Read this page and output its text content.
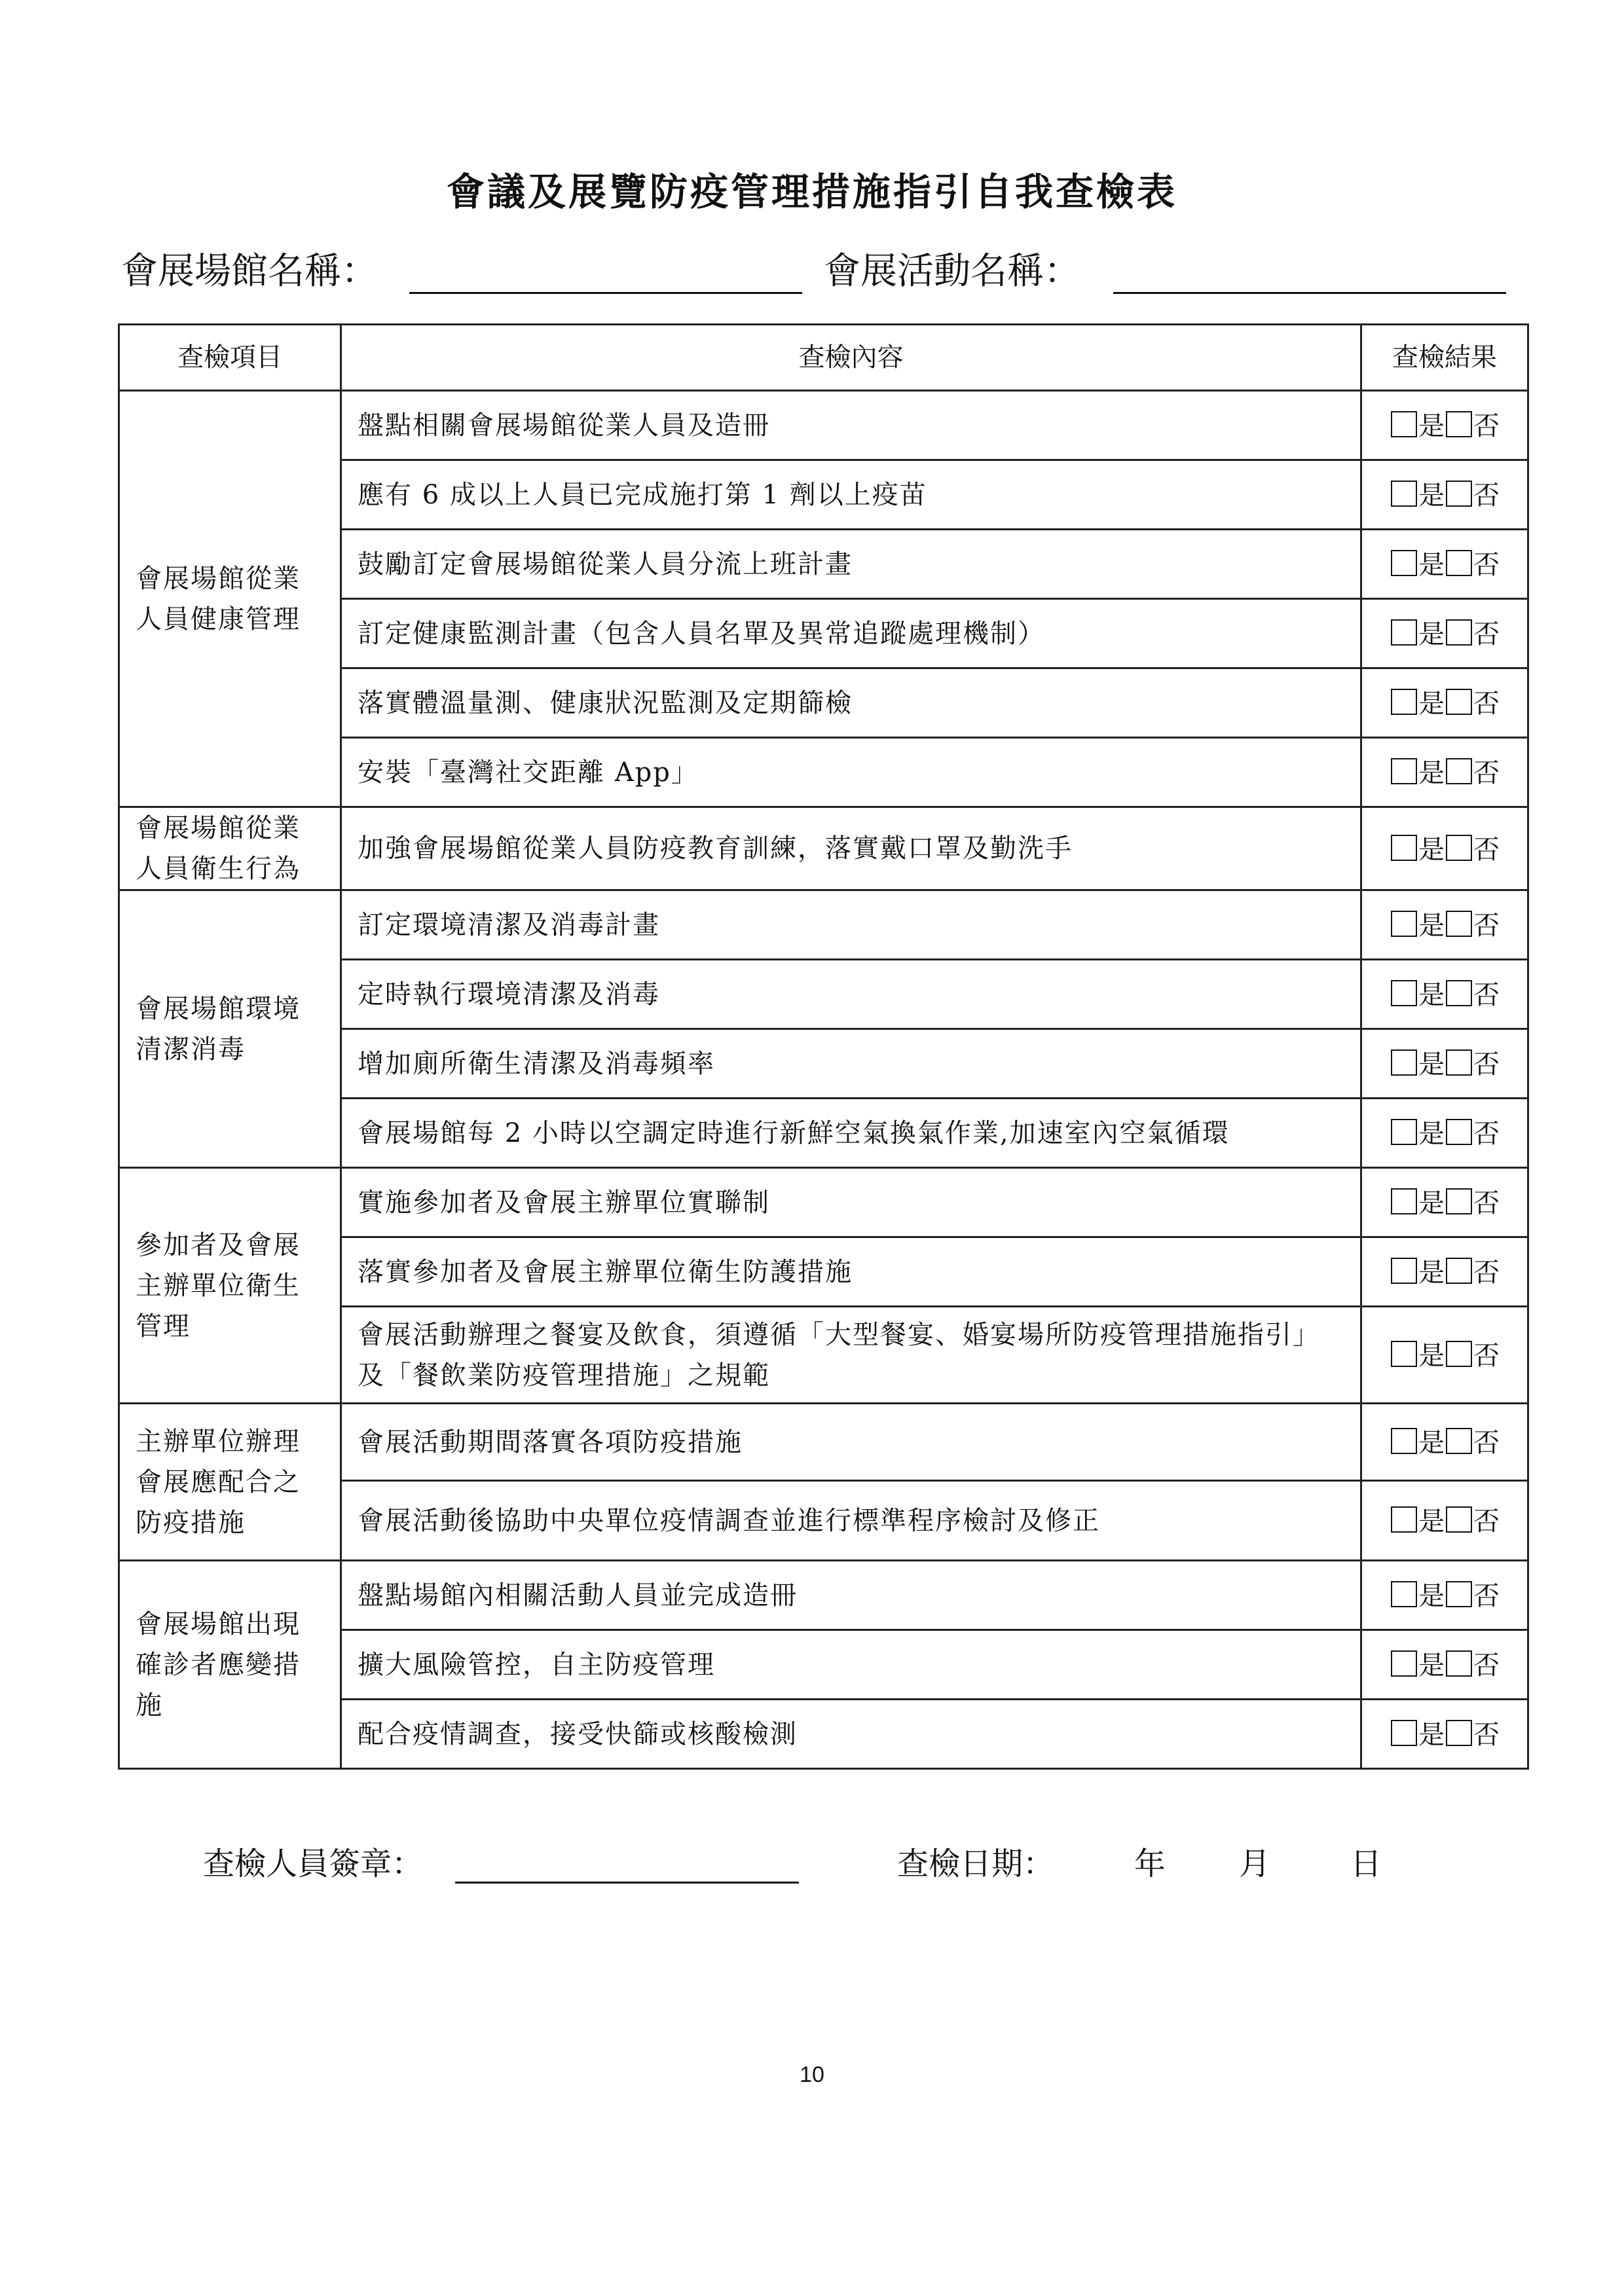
會議及展覽防疫管理措施指引自我查檢表
會展場館名稱：	會展活動名稱：
查檢項目	查檢內容	查檢結果
會展場館從業人員健康管理	盤點相關會展場館從業人員及造冊	是 否
	應有 6 成以上人員已完成施打第 1 劑以上疫苗	是 否
	鼓勵訂定會展場館從業人員分流上班計畫	是 否
	訂定健康監測計畫（包含人員名單及異常追蹤處理機制）	是 否
	落實體溫量測、健康狀況監測及定期篩檢	是 否
	安裝「臺灣社交距離 App」	是 否
會展場館從業人員衛生行為	加強會展場館從業人員防疫教育訓練，落實戴口罩及勤洗手	是 否
會展場館環境清潔消毒	訂定環境清潔及消毒計畫	是 否
	定時執行環境清潔及消毒	是 否
	增加廁所衛生清潔及消毒頻率	是 否
	會展場館每 2 小時以空調定時進行新鮮空氣換氣作業,加速室內空氣循環	是 否
參加者及會展主辦單位衛生管理	實施參加者及會展主辦單位實聯制	是 否
	落實參加者及會展主辦單位衛生防護措施	是 否
	會展活動辦理之餐宴及飲食，須遵循「大型餐宴、婚宴場所防疫管理措施指引」及「餐飲業防疫管理措施」之規範	是 否
主辦單位辦理會展應配合之防疫措施	會展活動期間落實各項防疫措施	是 否
	會展活動後協助中央單位疫情調查並進行標準程序檢討及修正	是 否
會展場館出現確診者應變措施	盤點場館內相關活動人員並完成造冊	是 否
	擴大風險管控，自主防疫管理	是 否
	配合疫情調查，接受快篩或核酸檢測	是 否
查檢人員簽章：	查檢日期：	年 月	日
10
